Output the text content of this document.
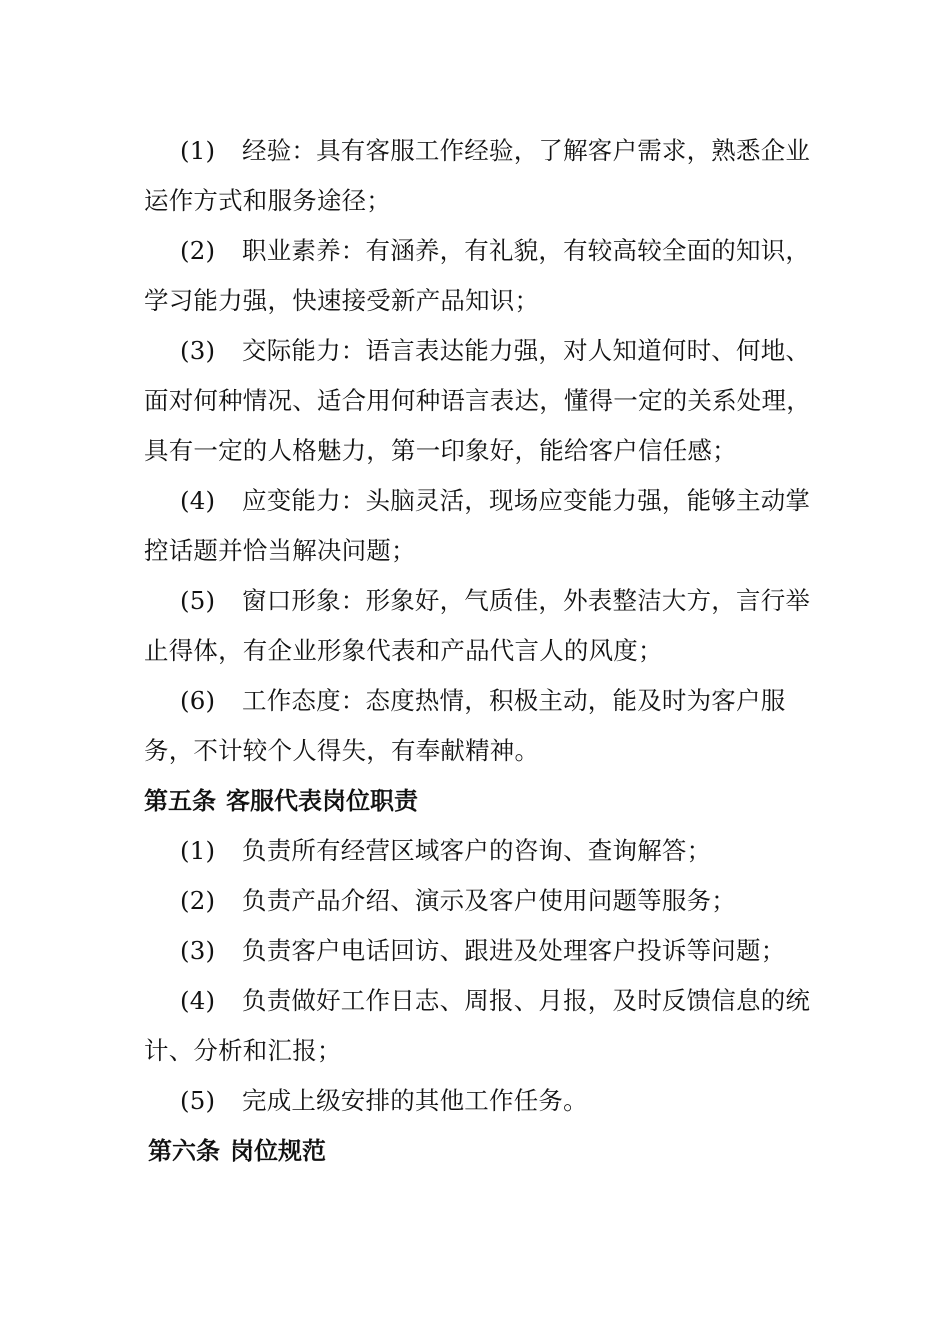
(1) 经验：具有客服工作经验，了解客户需求，熟悉企业运作方式和服务途径；

(2) 职业素养：有涵养，有礼貌，有较高较全面的知识，学习能力强，快速接受新产品知识；

(3) 交际能力：语言表达能力强，对人知道何时、何地、面对何种情况、适合用何种语言表达，懂得一定的关系处理，具有一定的人格魅力，第一印象好，能给客户信任感；

(4) 应变能力：头脑灵活，现场应变能力强，能够主动掌控话题并恰当解决问题；

(5) 窗口形象：形象好，气质佳，外表整洁大方，言行举止得体，有企业形象代表和产品代言人的风度；

(6) 工作态度：态度热情，积极主动，能及时为客户服务，不计较个人得失，有奉献精神。

第五条 客服代表岗位职责

(1) 负责所有经营区域客户的咨询、查询解答；

(2) 负责产品介绍、演示及客户使用问题等服务；

(3) 负责客户电话回访、跟进及处理客户投诉等问题；

(4) 负责做好工作日志、周报、月报，及时反馈信息的统计、分析和汇报；

(5) 完成上级安排的其他工作任务。

第六条 岗位规范
